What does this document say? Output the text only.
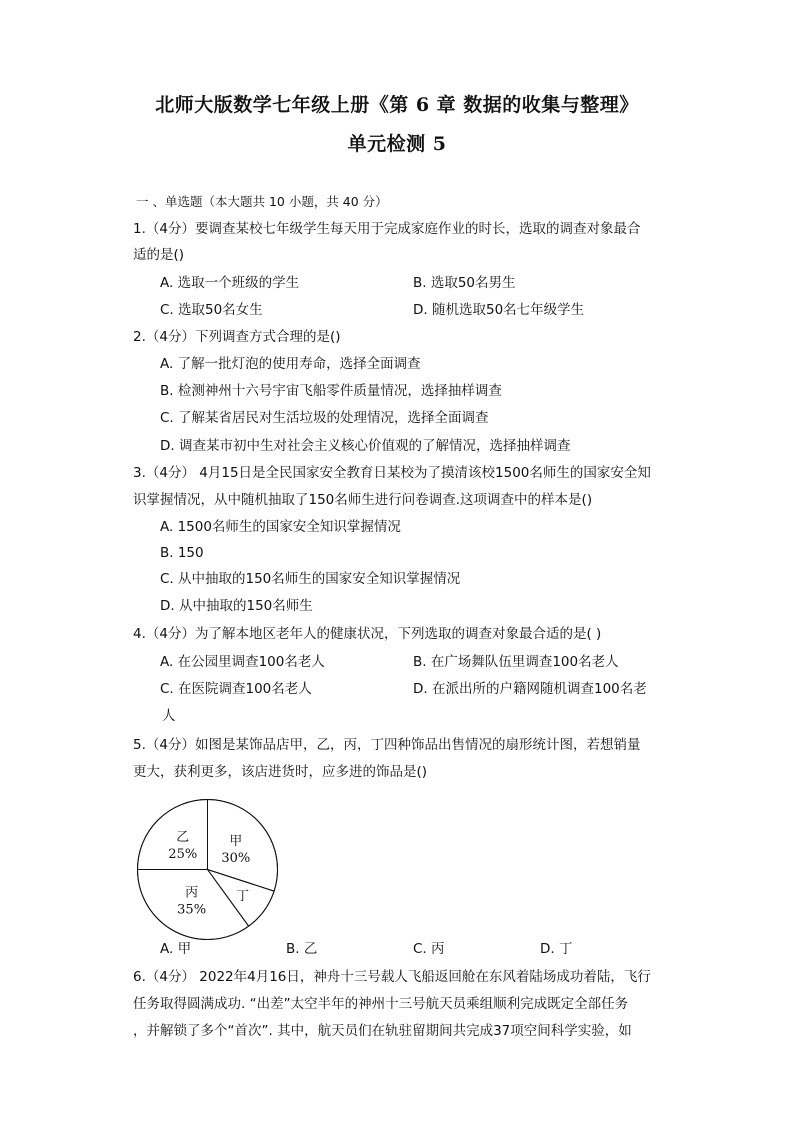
北师大版数学七年级上册《第 6 章 数据的收集与整理》
单元检测 5
一 、单选题（本大题共 10 小题，共 40 分）
1.（4分）要调查某校七年级学生每天用于完成家庭作业的时长，选取的调查对象最合
适的是()
A. 选取一个班级的学生	B. 选取50名男生
C. 选取50名女生	D. 随机选取50名七年级学生
2.（4分）下列调查方式合理的是()
A. 了解一批灯泡的使用寿命，选择全面调查
B. 检测神州十六号宇宙飞船零件质量情况，选择抽样调查
C. 了解某省居民对生活垃圾的处理情况，选择全面调查
D. 调查某市初中生对社会主义核心价值观的了解情况，选择抽样调查
3.（4分） 4月15日是全民国家安全教育日某校为了摸清该校1500名师生的国家安全知
识掌握情况，从中随机抽取了150名师生进行问卷调查.这项调查中的样本是()
A. 1500名师生的国家安全知识掌握情况
B. 150
C. 从中抽取的150名师生的国家安全知识掌握情况
D. 从中抽取的150名师生
4.（4分）为了解本地区老年人的健康状况，下列选取的调查对象最合适的是( )
A. 在公园里调查100名老人	B. 在广场舞队伍里调查100名老人
C. 在医院调查100名老人	D. 在派出所的户籍网随机调查100名老
人
5.（4分）如图是某饰品店甲，乙，丙，丁四种饰品出售情况的扇形统计图，若想销量
更大，获利更多，该店进货时，应多进的饰品是()
甲
30%
丁
丙
35%
乙
25%
A. 甲	B. 乙	C. 丙	D. 丁
6.（4分） 2022年4月16日，神舟十三号载人飞船返回舱在东风着陆场成功着陆，飞行
任务取得圆满成功. “出差”太空半年的神州十三号航天员乘组顺利完成既定全部任务
，并解锁了多个“首次”. 其中，航天员们在轨驻留期间共完成37项空间科学实验，如
